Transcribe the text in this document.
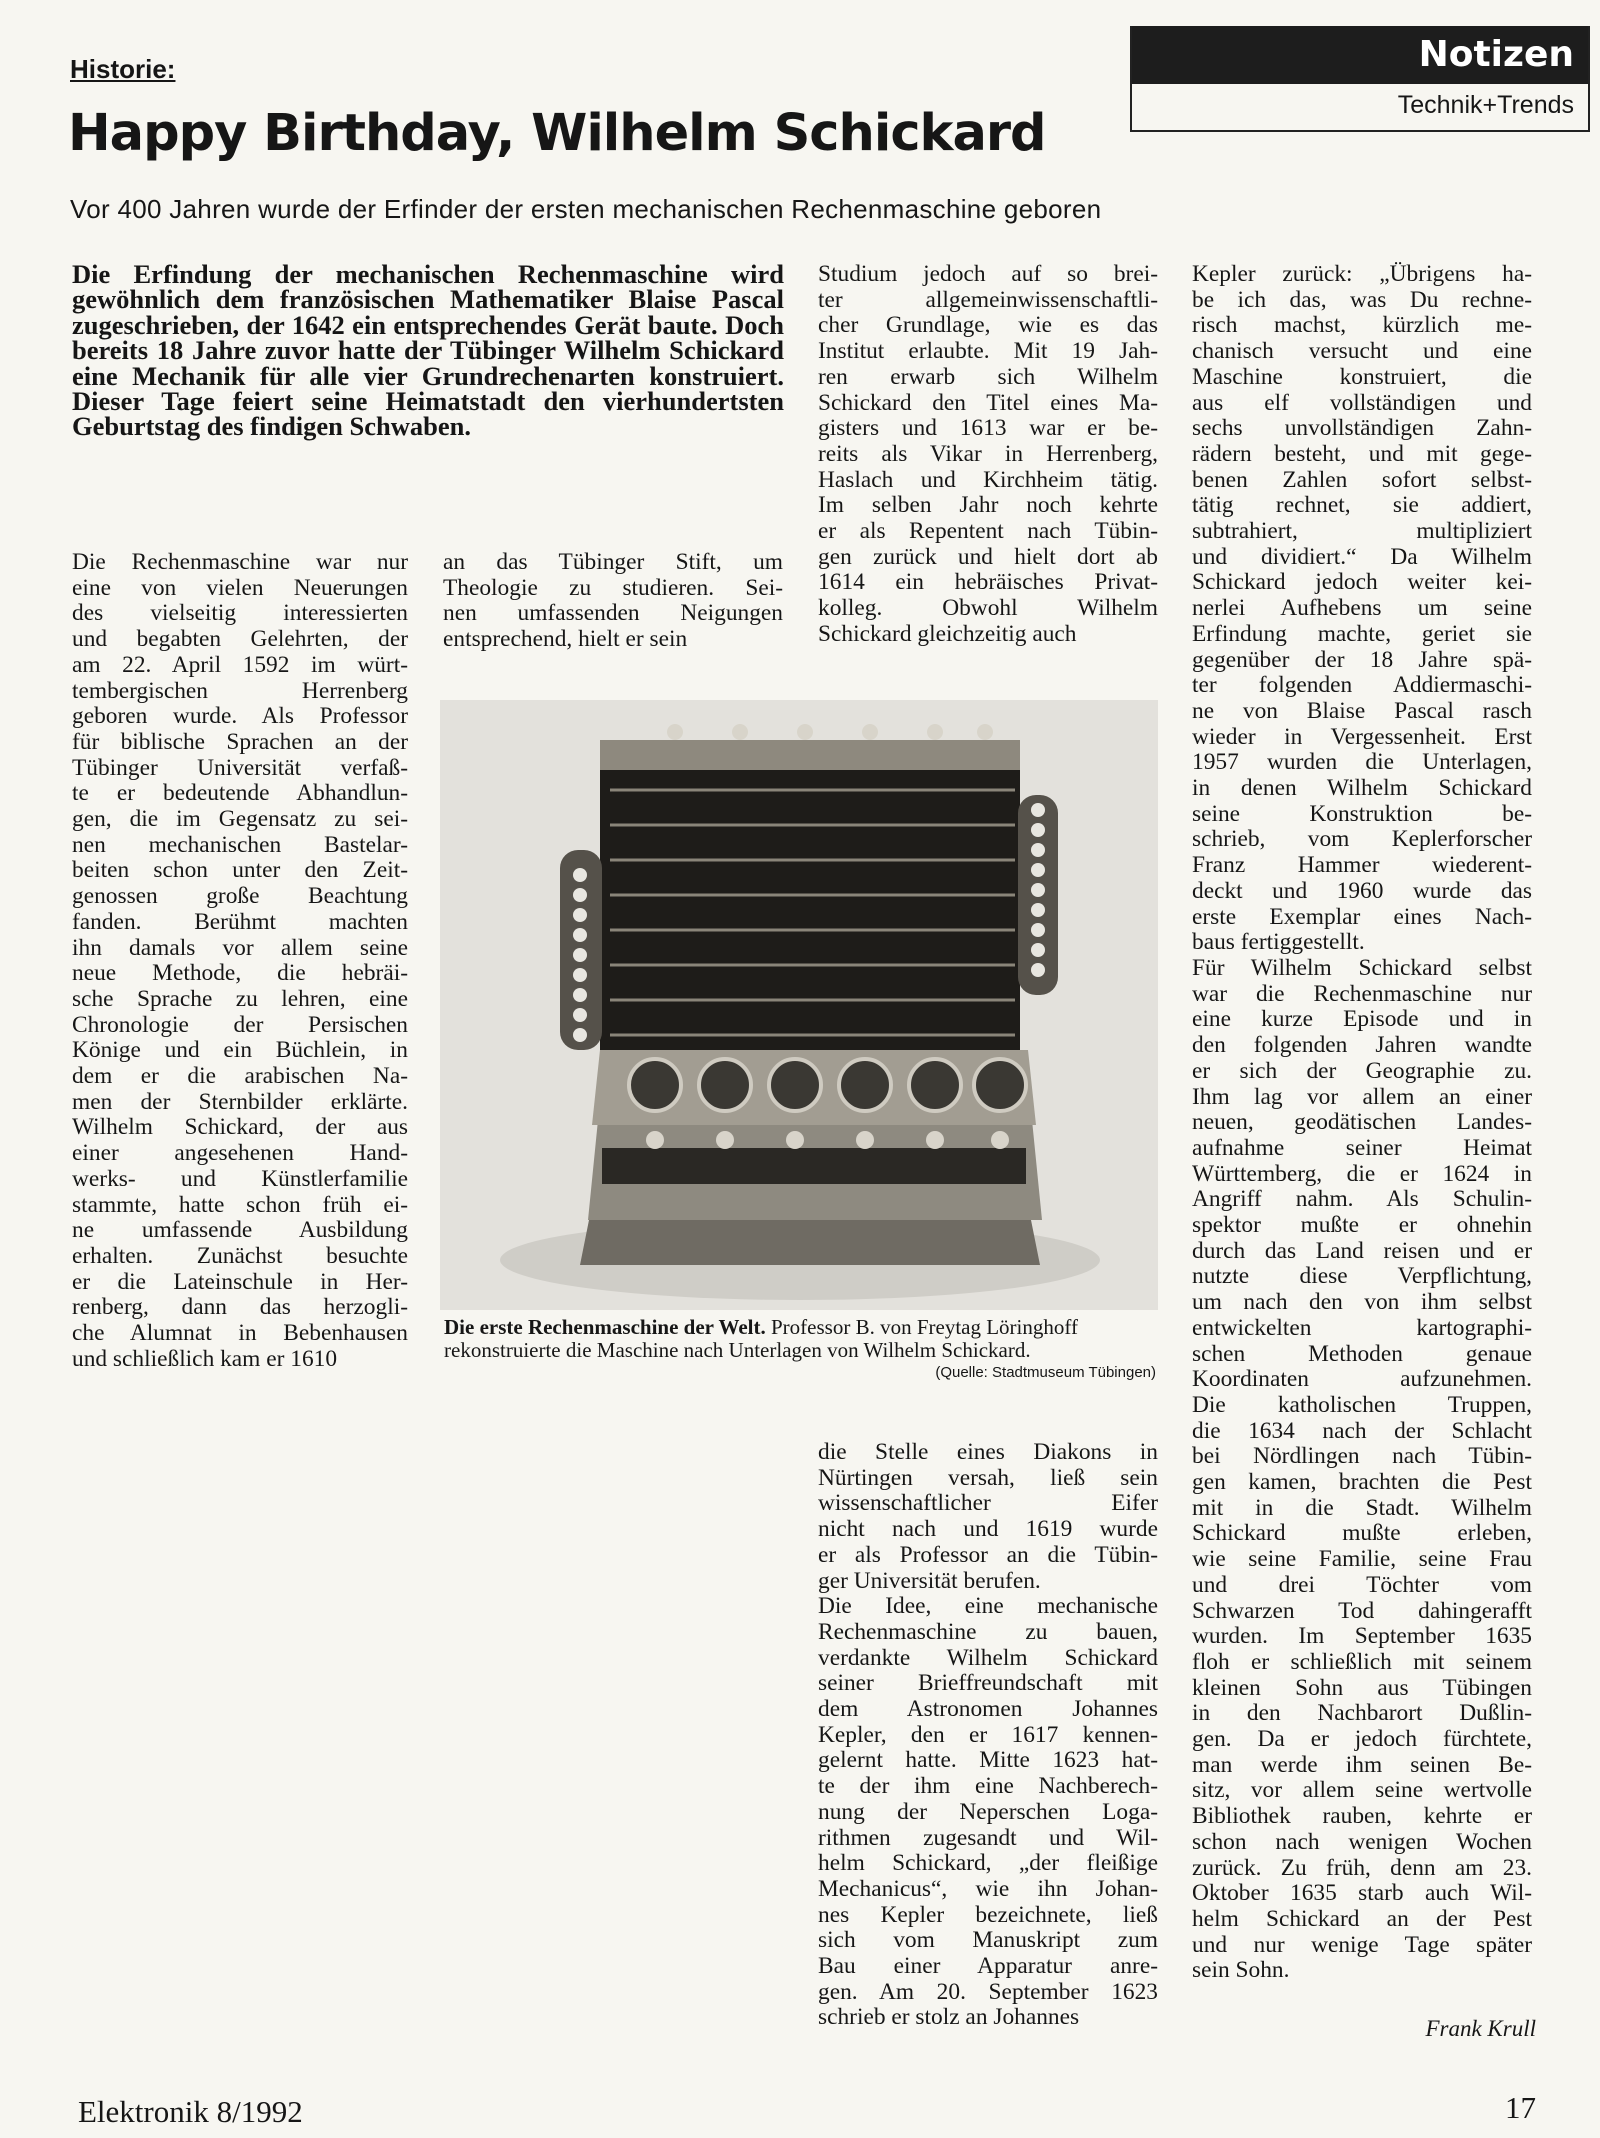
Historie:
Happy Birthday, Wilhelm Schickard
Vor 400 Jahren wurde der Erfinder der ersten mechanischen Rechenmaschine geboren
Notizen
Technik+Trends
Die Erfindung der mechanischen Rechenmaschine wird gewöhnlich dem französischen Mathematiker Blaise Pascal zugeschrieben, der 1642 ein entsprechendes Gerät baute. Doch bereits 18 Jahre zuvor hatte der Tübinger Wilhelm Schickard eine Mechanik für alle vier Grundrechenarten konstruiert. Dieser Tage feiert seine Heimatstadt den vierhundertsten Geburtstag des findigen Schwaben.

Die Rechenmaschine war nur
eine von vielen Neuerungen
des vielseitig interessierten
und begabten Gelehrten, der
am 22. April 1592 im würt-
tembergischen Herrenberg
geboren wurde. Als Professor
für biblische Sprachen an der
Tübinger Universität verfaß-
te er bedeutende Abhandlun-
gen, die im Gegensatz zu sei-
nen mechanischen Bastelar-
beiten schon unter den Zeit-
genossen große Beachtung
fanden. Berühmt machten
ihn damals vor allem seine
neue Methode, die hebräi-
sche Sprache zu lehren, eine
Chronologie der Persischen
Könige und ein Büchlein, in
dem er die arabischen Na-
men der Sternbilder erklärte.
Wilhelm Schickard, der aus
einer angesehenen Hand-
werks- und Künstlerfamilie
stammte, hatte schon früh ei-
ne umfassende Ausbildung
erhalten. Zunächst besuchte
er die Lateinschule in Her-
renberg, dann das herzogli-
che Alumnat in Bebenhausen
und schließlich kam er 1610

an das Tübinger Stift, um
Theologie zu studieren. Sei-
nen umfassenden Neigungen
entsprechend, hielt er sein

Studium jedoch auf so brei-
ter allgemeinwissenschaftli-
cher Grundlage, wie es das
Institut erlaubte. Mit 19 Jah-
ren erwarb sich Wilhelm
Schickard den Titel eines Ma-
gisters und 1613 war er be-
reits als Vikar in Herrenberg,
Haslach und Kirchheim tätig.
Im selben Jahr noch kehrte
er als Repentent nach Tübin-
gen zurück und hielt dort ab
1614 ein hebräisches Privat-
kolleg. Obwohl Wilhelm
Schickard gleichzeitig auch

die Stelle eines Diakons in
Nürtingen versah, ließ sein
wissenschaftlicher Eifer
nicht nach und 1619 wurde
er als Professor an die Tübin-
ger Universität berufen.

Die Idee, eine mechanische
Rechenmaschine zu bauen,
verdankte Wilhelm Schickard
seiner Brieffreundschaft mit
dem Astronomen Johannes
Kepler, den er 1617 kennen-
gelernt hatte. Mitte 1623 hat-
te der ihm eine Nachberech-
nung der Neperschen Loga-
rithmen zugesandt und Wil-
helm Schickard, „der fleißige
Mechanicus“, wie ihn Johan-
nes Kepler bezeichnete, ließ
sich vom Manuskript zum
Bau einer Apparatur anre-
gen. Am 20. September 1623
schrieb er stolz an Johannes

Kepler zurück: „Übrigens ha-
be ich das, was Du rechne-
risch machst, kürzlich me-
chanisch versucht und eine
Maschine konstruiert, die
aus elf vollständigen und
sechs unvollständigen Zahn-
rädern besteht, und mit gege-
benen Zahlen sofort selbst-
tätig rechnet, sie addiert,
subtrahiert, multipliziert
und dividiert.“ Da Wilhelm
Schickard jedoch weiter kei-
nerlei Aufhebens um seine
Erfindung machte, geriet sie
gegenüber der 18 Jahre spä-
ter folgenden Addiermaschi-
ne von Blaise Pascal rasch
wieder in Vergessenheit. Erst
1957 wurden die Unterlagen,
in denen Wilhelm Schickard
seine Konstruktion be-
schrieb, vom Keplerforscher
Franz Hammer wiederent-
deckt und 1960 wurde das
erste Exemplar eines Nach-
baus fertiggestellt.

Für Wilhelm Schickard selbst
war die Rechenmaschine nur
eine kurze Episode und in
den folgenden Jahren wandte
er sich der Geographie zu.
Ihm lag vor allem an einer
neuen, geodätischen Landes-
aufnahme seiner Heimat
Württemberg, die er 1624 in
Angriff nahm. Als Schulin-
spektor mußte er ohnehin
durch das Land reisen und er
nutzte diese Verpflichtung,
um nach den von ihm selbst
entwickelten kartographi-
schen Methoden genaue
Koordinaten aufzunehmen.
Die katholischen Truppen,
die 1634 nach der Schlacht
bei Nördlingen nach Tübin-
gen kamen, brachten die Pest
mit in die Stadt. Wilhelm
Schickard mußte erleben,
wie seine Familie, seine Frau
und drei Töchter vom
Schwarzen Tod dahingerafft
wurden. Im September 1635
floh er schließlich mit seinem
kleinen Sohn aus Tübingen
in den Nachbarort Dußlin-
gen. Da er jedoch fürchtete,
man werde ihm seinen Be-
sitz, vor allem seine wertvolle
Bibliothek rauben, kehrte er
schon nach wenigen Wochen
zurück. Zu früh, denn am 23.
Oktober 1635 starb auch Wil-
helm Schickard an der Pest
und nur wenige Tage später
sein Sohn.

Die erste Rechenmaschine der Welt. Professor B. von Freytag Löringhoff rekonstruierte die Maschine nach Unterlagen von Wilhelm Schickard.
(Quelle: Stadtmuseum Tübingen)
Frank Krull
Elektronik 8/1992	17
